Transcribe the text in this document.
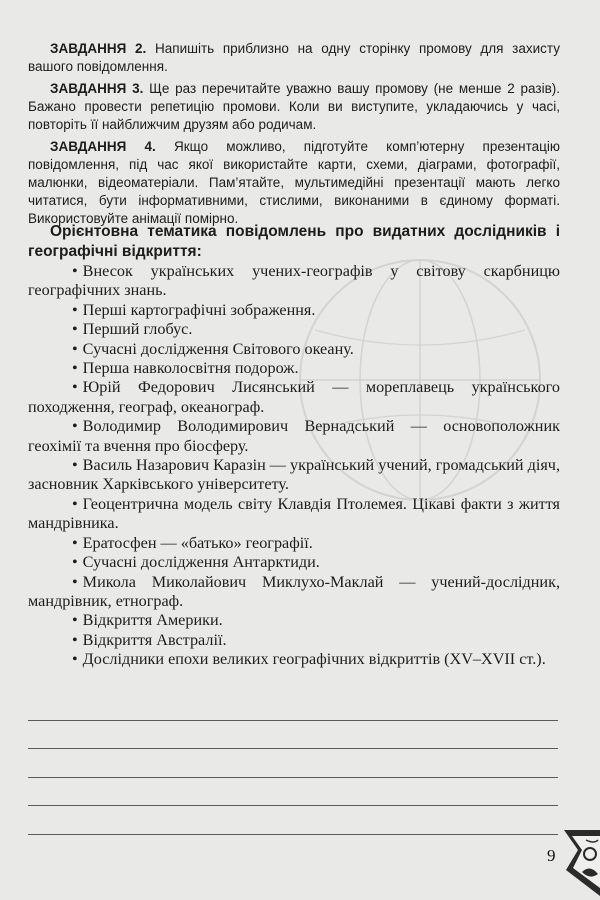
ЗАВДАННЯ 2. Напишіть приблизно на одну сторінку промову для захисту вашого повідомлення.

ЗАВДАННЯ 3. Ще раз перечитайте уважно вашу промову (не менше 2 разів). Бажано провести репетицію промови. Коли ви виступите, укладаючись у часі, повторіть її найближчим друзям або родичам.

ЗАВДАННЯ 4. Якщо можливо, підготуйте комп’ютерну презентацію повідомлення, під час якої використайте карти, схеми, діаграми, фотографії, малюнки, відеоматеріали. Пам’ятайте, мультимедійні презентації мають легко читатися, бути інформативними, стислими, виконаними в єдиному форматі. Використовуйте анімації помірно.

Орієнтовна тематика повідомлень про видатних дослідників і географічні відкриття:

• Внесок українських учених-географів у світову скарбницю географічних знань.

• Перші картографічні зображення.

• Перший глобус.

• Сучасні дослідження Світового океану.

• Перша навколосвітня подорож.

• Юрій Федорович Лисянський — мореплавець українського походження, географ, океанограф.

• Володимир Володимирович Вернадський — основоположник геохімії та вчення про біосферу.

• Василь Назарович Каразін — український учений, громадський діяч, засновник Харківського університету.

• Геоцентрична модель світу Клавдія Птолемея. Цікаві факти з життя мандрівника.

• Ератосфен — «батько» географії.

• Сучасні дослідження Антарктиди.

• Микола Миколайович Миклухо-Маклай — учений-дослідник, мандрівник, етнограф.

• Відкриття Америки.

• Відкриття Австралії.

• Дослідники епохи великих географічних відкриттів (XV–XVII ст.).

9
